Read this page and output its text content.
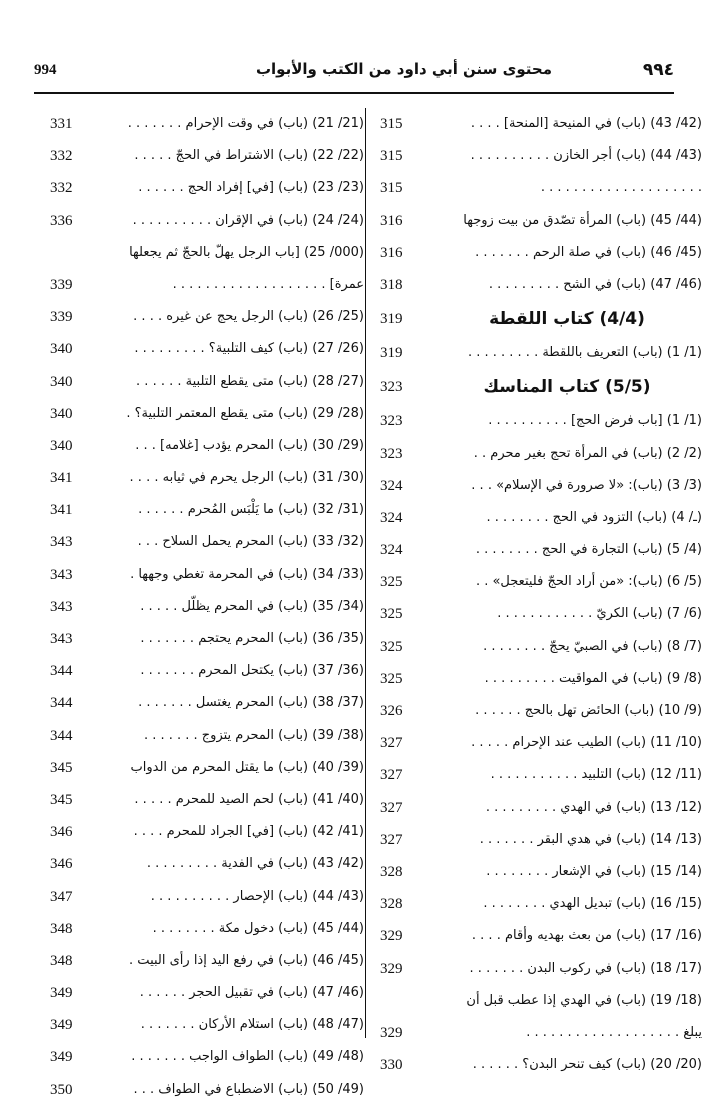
994	محتوى سنن أبي داود من الكتب والأبواب	٩٩٤
(42/ 43) (باب) في المنيحة [المنحة] . . . .
315
(43/ 44) (باب) أجر الخازن . . . . . . . . . .
315
. . . . . . . . . . . . . . . . . . . .
315
(44/ 45) (باب) المرأة تصّدق من بيت زوجها
316
(45/ 46) (باب) في صلة الرحم . . . . . . .
316
(46/ 47) (باب) في الشح . . . . . . . . .
318
(4/4) كتاب اللقطة
319
(1/ 1) (باب) التعريف باللقطة . . . . . . . . .
319
(5/5) كتاب المناسك
323
(1/ 1) [باب فرض الحج] . . . . . . . . . .
323
(2/ 2) (باب) في المرأة تحج بغير محرم . .
323
(3/ 3) (باب): «لا صرورة في الإسلام» . . .
324
(ـ/ 4) (باب) التزود في الحج . . . . . . . .
324
(4/ 5) (باب) التجارة في الحج . . . . . . . .
324
(5/ 6) (باب): «من أراد الحجّ فليتعجل» . .
325
(6/ 7) (باب) الكريّ . . . . . . . . . . . .
325
(7/ 8) (باب) في الصبيّ يحجّ . . . . . . . .
325
(8/ 9) (باب) في المواقيت . . . . . . . . .
325
(9/ 10) (باب) الحائض تهل بالحج . . . . . .
326
(10/ 11) (باب) الطيب عند الإحرام . . . . .
327
(11/ 12) (باب) التلبيد . . . . . . . . . . .
327
(12/ 13) (باب) في الهدي . . . . . . . . .
327
(13/ 14) (باب) في هدي البقر . . . . . . .
327
(14/ 15) (باب) في الإشعار . . . . . . . .
328
(15/ 16) (باب) تبديل الهدي . . . . . . . .
328
(16/ 17) (باب) من بعث بهديه وأقام . . . .
329
(17/ 18) (باب) في ركوب البدن . . . . . . .
329
(18/ 19) (باب) في الهدي إذا عطب قبل أن
يبلغ . . . . . . . . . . . . . . . . . . .
329
(20/ 20) (باب) كيف تنحر البدن؟ . . . . . .
330
(21/ 21) (باب) في وقت الإحرام . . . . . . .
331
(22/ 22) (باب) الاشتراط في الحجّ . . . . .
332
(23/ 23) (باب) [في] إفراد الحج . . . . . .
332
(24/ 24) (باب) في الإقران . . . . . . . . . .
336
(000/ 25) [باب الرجل يهلّ بالحجّ ثم يجعلها
عمرة] . . . . . . . . . . . . . . . . . . .
339
(25/ 26) (باب) الرجل يحج عن غيره . . . .
339
(26/ 27) (باب) كيف التلبية؟ . . . . . . . . .
340
(27/ 28) (باب) متى يقطع التلبية . . . . . .
340
(28/ 29) (باب) متى يقطع المعتمر التلبية؟ .
340
(29/ 30) (باب) المحرم يؤدب [غلامه] . . .
340
(30/ 31) (باب) الرجل يحرم في ثيابه . . . .
341
(31/ 32) (باب) ما يَلْبَس المُحرم . . . . . .
341
(32/ 33) (باب) المحرم يحمل السلاح . . .
343
(33/ 34) (باب) في المحرمة تغطي وجهها .
343
(34/ 35) (باب) في المحرم يظلّل . . . . .
343
(35/ 36) (باب) المحرم يحتجم . . . . . . .
343
(36/ 37) (باب) يكتحل المحرم . . . . . . .
344
(37/ 38) (باب) المحرم يغتسل . . . . . . .
344
(38/ 39) (باب) المحرم يتزوج . . . . . . .
344
(39/ 40) (باب) ما يقتل المحرم من الدواب
345
(40/ 41) (باب) لحم الصيد للمحرم . . . . .
345
(41/ 42) (باب) [في] الجراد للمحرم . . . .
346
(42/ 43) (باب) في الفدية . . . . . . . . .
346
(43/ 44) (باب) الإحصار . . . . . . . . . .
347
(44/ 45) (باب) دخول مكة . . . . . . . .
348
(45/ 46) (باب) في رفع اليد إذا رأى البيت .
348
(46/ 47) (باب) في تقبيل الحجر . . . . . .
349
(47/ 48) (باب) استلام الأركان . . . . . . .
349
(48/ 49) (باب) الطواف الواجب . . . . . . .
349
(49/ 50) (باب) الاضطباع في الطواف . . .
350
